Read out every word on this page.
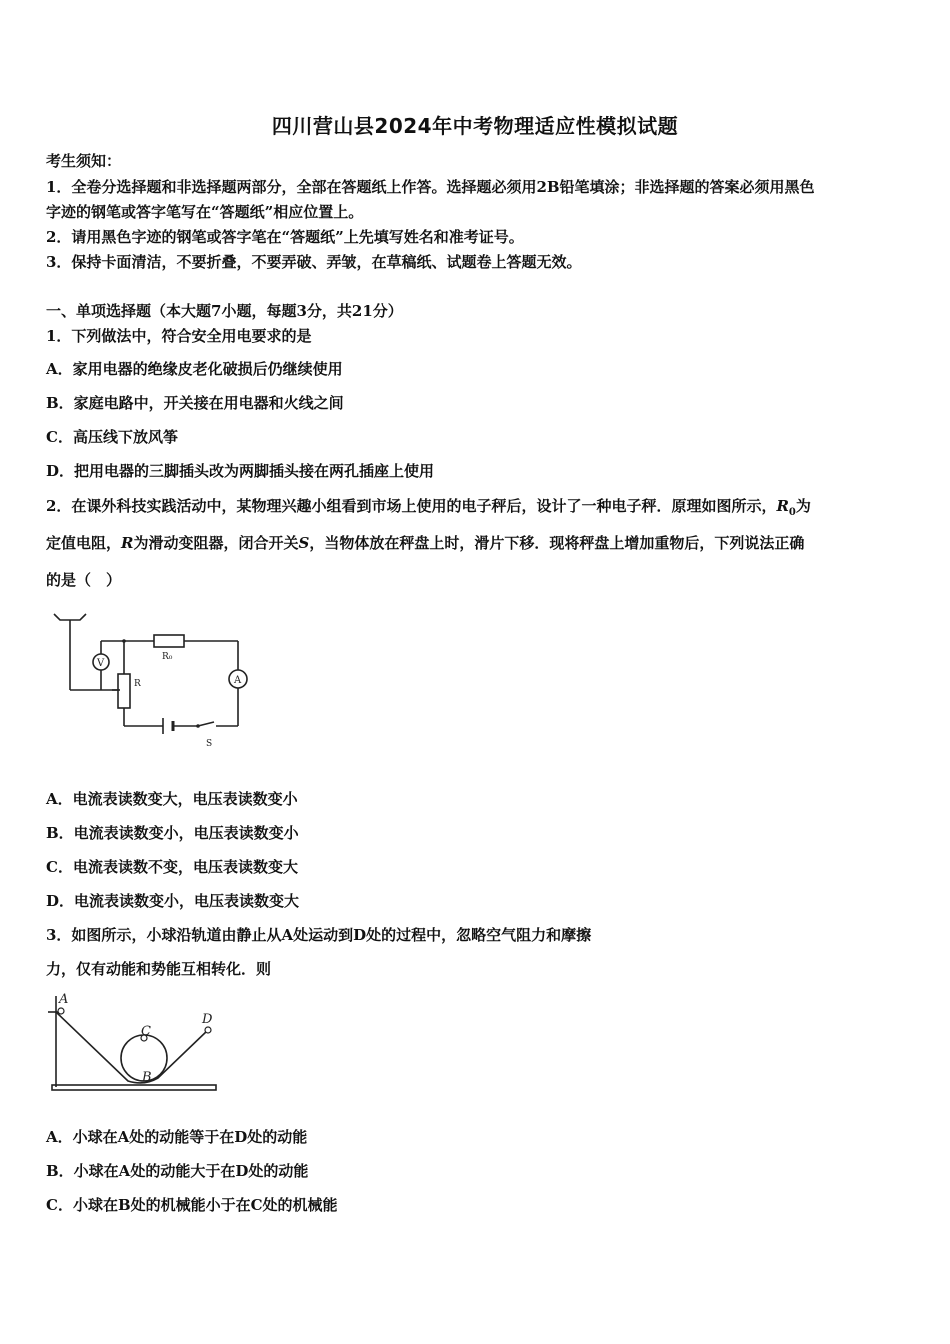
四川营山县2024年中考物理适应性模拟试题
考生须知：
1．全卷分选择题和非选择题两部分，全部在答题纸上作答。选择题必须用2B铅笔填涂；非选择题的答案必须用黑色
字迹的钢笔或答字笔写在“答题纸”相应位置上。
2．请用黑色字迹的钢笔或答字笔在“答题纸”上先填写姓名和准考证号。
3．保持卡面清洁，不要折叠，不要弄破、弄皱，在草稿纸、试题卷上答题无效。
一、单项选择题（本大题7小题，每题3分，共21分）
1．下列做法中，符合安全用电要求的是
A．家用电器的绝缘皮老化破损后仍继续使用
B．家庭电路中，开关接在用电器和火线之间
C．高压线下放风筝
D．把用电器的三脚插头改为两脚插头接在两孔插座上使用
2．在课外科技实践活动中，某物理兴趣小组看到市场上使用的电子秤后，设计了一种电子秤．原理如图所示，$R_0$为
定值电阻，R为滑动变阻器，闭合开关S，当物体放在秤盘上时，滑片下移．现将秤盘上增加重物后，下列说法正确
的是（　）
V
A
R₀
R
S
A．电流表读数变大，电压表读数变小
B．电流表读数变小，电压表读数变小
C．电流表读数不变，电压表读数变大
D．电流表读数变小，电压表读数变大
3．如图所示，小球沿轨道由静止从A处运动到D处的过程中，忽略空气阻力和摩擦
力，仅有动能和势能互相转化．则
A
B
C
D
A．小球在A处的动能等于在D处的动能
B．小球在A处的动能大于在D处的动能
C．小球在B处的机械能小于在C处的机械能
